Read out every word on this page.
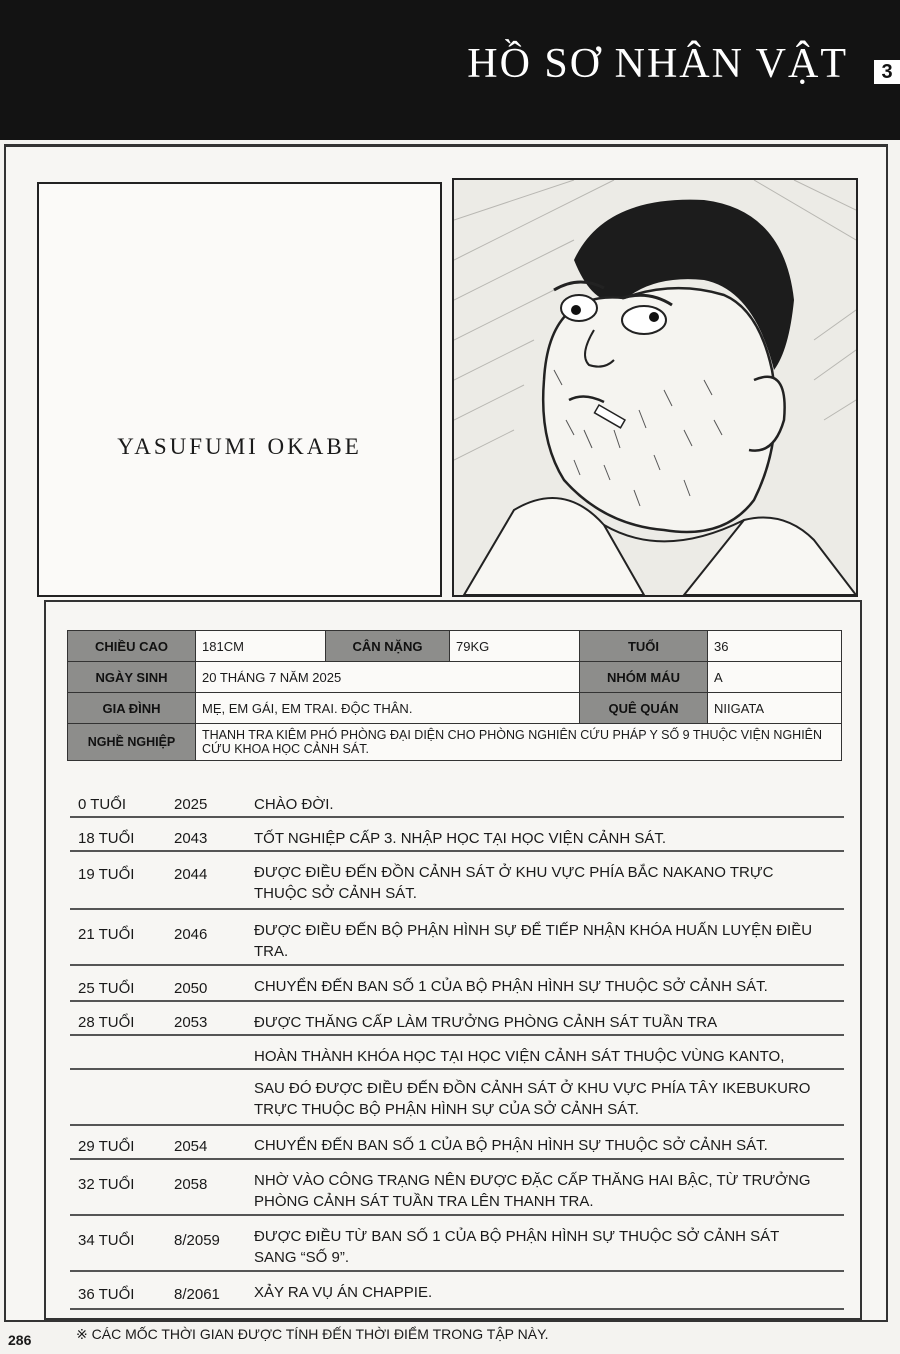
HỒ SƠ NHÂN VẬT	3
YASUFUMI OKABE
CHIỀU CAO	181CM	CÂN NẶNG	79KG	TUỔI	36
NGÀY SINH	20 THÁNG 7 NĂM 2025			NHÓM MÁU	A
GIA ĐÌNH	MẸ, EM GÁI, EM TRAI. ĐỘC THÂN.			QUÊ QUÁN	NIIGATA
NGHỀ NGHIỆP	THANH TRA KIÊM PHÓ PHÒNG ĐẠI DIỆN CHO PHÒNG NGHIÊN CỨU PHÁP Y SỐ 9 THUỘC VIỆN NGHIÊN CỨU KHOA HỌC CẢNH SÁT.				
0 TUỔI	2025	CHÀO ĐỜI.
18 TUỔI	2043	TỐT NGHIỆP CẤP 3. NHẬP HỌC TẠI HỌC VIỆN CẢNH SÁT.
19 TUỔI	2044	ĐƯỢC ĐIỀU ĐẾN ĐỒN CẢNH SÁT Ở KHU VỰC PHÍA BẮC NAKANO TRỰC THUỘC SỞ CẢNH SÁT.
21 TUỔI	2046	ĐƯỢC ĐIỀU ĐẾN BỘ PHẬN HÌNH SỰ ĐỂ TIẾP NHẬN KHÓA HUẤN LUYỆN ĐIỀU TRA.
25 TUỔI	2050	CHUYỂN ĐẾN BAN SỐ 1 CỦA BỘ PHẬN HÌNH SỰ THUỘC SỞ CẢNH SÁT.
28 TUỔI	2053	ĐƯỢC THĂNG CẤP LÀM TRƯỞNG PHÒNG CẢNH SÁT TUẦN TRA
HOÀN THÀNH KHÓA HỌC TẠI HỌC VIỆN CẢNH SÁT THUỘC VÙNG KANTO,
SAU ĐÓ ĐƯỢC ĐIỀU ĐẾN ĐỒN CẢNH SÁT Ở KHU VỰC PHÍA TÂY IKEBUKURO TRỰC THUỘC BỘ PHẬN HÌNH SỰ CỦA SỞ CẢNH SÁT.
29 TUỔI	2054	CHUYỂN ĐẾN BAN SỐ 1 CỦA BỘ PHẬN HÌNH SỰ THUỘC SỞ CẢNH SÁT.
32 TUỔI	2058	NHỜ VÀO CÔNG TRẠNG NÊN ĐƯỢC ĐẶC CẤP THĂNG HAI BẬC, TỪ TRƯỞNG PHÒNG CẢNH SÁT TUẦN TRA LÊN THANH TRA.
34 TUỔI	8/2059 ĐƯỢC ĐIỀU TỪ BAN SỐ 1 CỦA BỘ PHẬN HÌNH SỰ THUỘC SỞ CẢNH SÁT SANG “SỐ 9”.
36 TUỔI	8/2061 XẢY RA VỤ ÁN CHAPPIE.
286	※ CÁC MỐC THỜI GIAN ĐƯỢC TÍNH ĐẾN THỜI ĐIỂM TRONG TẬP NÀY.
